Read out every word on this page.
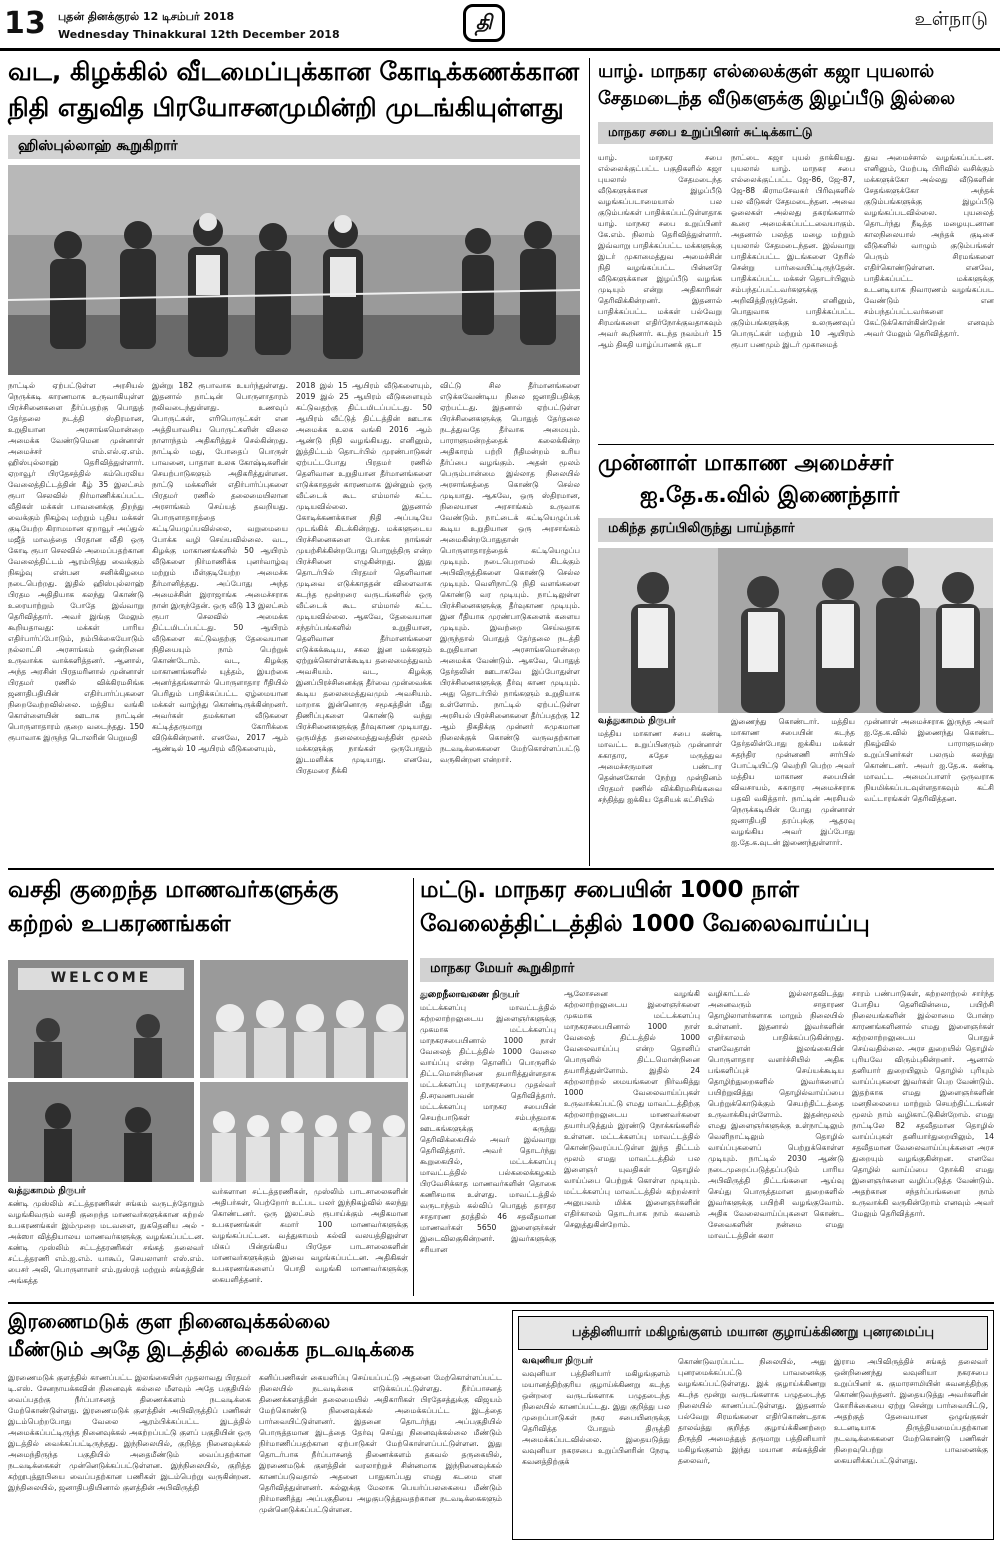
13 புதன் தினக்குரல் 12 டிசம்பர் 2018
Wednesday Thinakkural 12th December 2018
தி	உள்நாடு
வட, கிழக்கில் வீடமைப்புக்கான கோடிக்கணக்கான
நிதி எதுவித பிரயோசனமுமின்றி முடங்கியுள்ளது
ஹிஸ்புல்லாஹ் கூறுகிறார்
நாட்டில் ஏற்பட்டுள்ள அரசியல் நெருக்கடி காரணமாக உருவாகியுள்ள பிரச்சினைகளை தீர்ப்பதற்கு பொதுத் தேர்தலை நடத்தி ஸ்திரமான, உறுதியான அரசாங்கமொன்றை அமைக்க வேண்டுமென முன்னாள் அமைச்சர் எம்.எல்.ஏ.எம். ஹிஸ்புல்லாஹ் தெரிவித்துள்ளார். ஏறாவூர் பிரதேசத்தில் கம்பெரலிய வேலைத்திட்டத்தின் கீழ் 35 இலட்சம் ரூபா செலவில் நிர்மாணிக்கப்பட்ட வீதிகள் மக்கள் பாவனைக்கு திறந்து வைக்கும் நிகழ்வு மற்றும் புதிய மக்கள் குடியேற்ற கிராமமான ஏறாவூர் அப்துல் மஜீத் மாவத்தை பிரதான வீதி ஒரு கோடி ரூபா செலவில் அமைப்பதற்கான வேலைத்திட்டம் ஆரம்பித்து வைக்கும் நிகழ்வு என்பன சனிக்கிழமை நடைபெற்றது. இதில் ஹிஸ்புல்லாஹ் பிரதம அதிதியாக கலந்து கொண்டு உரையாற்றும் போதே இவ்வாறு தெரிவித்தார். அவர் இங்கு மேலும் கூறியதாவது: மக்கள் பாரிய எதிர்பார்ப்போடும், நம்பிக்கையோடும் நல்லாட்சி அரசாங்கம் ஒன்றினை உருவாக்க வாக்களித்தனர். ஆனால், அந்த அரசின் பிரதமரினால் முன்னாள் பிரதமர் ரணில் விக்கிரமசிங்க ஜனாதிபதியின் எதிர்பார்ப்புகளை நிறைவேற்றவில்லை. மத்திய வங்கி கொள்ளையின் ஊடாக நாட்டின் பொருளாதாரம் குறை வடைந்தது. 150 ரூபாவாக இருந்த டொலரின் பெறுமதி
இன்று 182 ரூபாவாக உயர்ந்துள்ளது. இதனால் நாட்டின் பொருளாதாரம் நலிவடைந்துள்ளது. உணவுப் பொருட்கள், எரிபொருட்கள் என அத்தியாவசிய பொருட்களின் விலை நாளாந்தம் அதிகரித்துச் செல்கின்றது. நாட்டில் மது, போதைப் பொருள் பாவனை, பாதாள உலக கோஷ்டிகளின் செயற்பாடுகளும் அதிகரித்துள்ளன. நாட்டு மக்களின் எதிர்பார்ப்புகளை பிரதமர் ரணில் தலைமையிலான அரசாங்கம் செய்யத் தவறியது. பொருளாதாரத்தை கட்டியெழுப்பவில்லை, வறுமையை போக்க வழி செய்யவில்லை. வட, கிழக்கு மாகாணங்களில் 50 ஆயிரம் வீடுகளை நிர்மாணிக்க புனர்வாழ்வு மற்றும் மீள்குடியேற்ற அமைச்சு தீர்மானித்தது. அப்போது அந்த அமைச்சின் இராஜாங்க அமைச்சராக நான் இருந்தேன். ஒரு வீடு 13 இலட்சம் ரூபா செலவில் அமைக்க திட்டமிடப்பட்டது. 50 ஆயிரம் வீடுகளை கட்டுவதற்கு தேவையான நிதியையும் நாம் பெற்றுக் கொண்டோம். வட, கிழக்கு மாகாணங்களில் யுத்தம், இயற்கை அனர்த்தங்களால் பொருளாதார ரீதியில் பெரிதும் பாதிக்கப்பட்ட ஏழ்மையான மக்கள் வாழ்ந்து கொண்டிருக்கின்றனர். அவர்கள் தமக்கான வீடுகளை கட்டித்தருமாறு கோரிக்கை விடுக்கின்றனர். எனவே, 2017 ஆம் ஆண்டில் 10 ஆயிரம் வீடுகளையும்,
2018 இல் 15 ஆயிரம் வீடுகளையும், 2019 இல் 25 ஆயிரம் வீடுகளையும் கட்டுவதற்கு திட்டமிடப்பட்டது. 50 ஆயிரம் வீட்டுத் திட்டத்தின் ஊடாக அமைக்க உலக வங்கி 2016 ஆம் ஆண்டு நிதி வழங்கியது. எனினும், இத்திட்டம் தொடர்பில் முரண்பாடுகள் ஏற்பட்டபோது பிரதமர் ரணில் தெளிவான உறுதியான தீர்மானங்களை எடுக்காததன் காரணமாக இன்னும் ஒரு வீட்டைக் கூட எம்மால் கட்ட முடியவில்லை. இதனால் கோடிக்கணக்கான நிதி அப்படியே முடங்கிக் கிடக்கின்றது. மக்களுடைய பிரச்சினைகளை போக்க நாங்கள் முயற்சிக்கின்றபோது பொறுத்திரு என்ற பிரச்சினை எழுகின்றது. இது தொடர்பில் பிரதமர் தெளிவான முடிவை எடுக்காததன் விளைவாக கடந்த மூன்றரை வருடங்களில் ஒரு வீட்டைக் கூட எம்மால் கட்ட முடியவில்லை. ஆகவே, தேவையான சந்தர்ப்பங்களில் உறுதியான, தெளிவான தீர்மானங்களை எடுக்கக்கூடிய, சகல இன மக்களும் ஏற்றுக்கொள்ளக்கூடிய தலைமைத்துவம் அவசியம். வட, கிழக்கு இனப்பிரச்சினைக்கு தீர்வை முன்வைக்க கூடிய தலைமைத்துவமும் அவசியம். மாறாக இன்னொரு சமூகத்தின் மீது திணிப்புகளை கொண்டு வந்து பிரச்சினைகளுக்கு தீர்வுகாண முடியாது. ஒருமித்த தலைமைத்துவத்தின் மூலம் மக்களுக்கு நாங்கள் ஒருபோதும் இடமளிக்க முடியாது. எனவே, பிரதமரை நீக்கி
விட்டு சில தீர்மானங்களை எடுக்கவேண்டிய நிலை ஜனாதிபதிக்கு ஏற்பட்டது. இதனால் ஏற்பட்டுள்ள பிரச்சினைகளுக்கு பொதுத் தேர்தலை நடத்துவதே தீர்வாக அமையும். பாராளுமன்றத்தைக் கலைக்கின்ற அதிகாரம் பற்றி நீதிமன்றம் உரிய தீர்ப்பை வழங்கும். அதன் மூலம் பெரும்பான்மை இல்லாத நிலையில் அரசாங்கத்தை கொண்டு செல்ல முடியாது. ஆகவே, ஒரு ஸ்திரமான, நிலையான அரசாங்கம் உருவாக வேண்டும். நாட்டைக் கட்டியெழுப்பக் கூடிய உறுதியான ஒரு அரசாங்கம் அமைகின்றபோதுதான் பொருளாதாரத்தைக் கட்டியெழுப்ப முடியும். நடைபெறாமல் கிடக்கும் அபிவிருத்திகளை கொண்டு செல்ல முடியும். வெளிநாட்டு நிதி வளங்களை கொண்டு வர முடியும். நாட்டிலுள்ள பிரச்சினைகளுக்கு தீர்வுகாண முடியும். இன ரீதியாக முரண்பாடுகளைக் களைய முடியும். இவற்றை செய்வதாக இருந்தால் பொதுத் தேர்தலை நடத்தி உறுதியான அரசாங்கமொன்றை அமைக்க வேண்டும். ஆகவே, பொதுத் தேர்தலின் ஊடாகவே இப்போதுள்ள பிரச்சினைகளுக்கு தீர்வு காண முடியும். அது தொடர்பில் நாங்களும் உறுதியாக உள்ளோம். நாட்டில் ஏற்பட்டுள்ள அரசியல் பிரச்சினைகளை தீர்ப்பதற்கு 12 ஆம் திகதிக்கு முன்னர் சுமுகமான நிலைக்குக் கொண்டு வருவதற்கான நடவடிக்கைகளை மேற்கொள்ளப்பட்டு வருகின்றன என்றார்.
யாழ். மாநகர எல்லைக்குள் கஜா புயலால்
சேதமடைந்த வீடுகளுக்கு இழப்பீடு இல்லை
மாநகர சபை உறுப்பினர் சுட்டிக்காட்டு
யாழ். மாநகர சபை எல்லைக்குட்பட்ட பகுதிகளில் கஜா புயலால் சேதமடைந்த வீடுகளுக்கான இழப்பீடு வழங்கப்படாமையால் பல குடும்பங்கள் பாதிக்கப்பட்டுள்ளதாக யாழ். மாநகர சபை உறுப்பினர் கே.எம். நிலாம் தெரிவித்துள்ளார். இவ்வாறு பாதிக்கப்பட்ட மக்களுக்கு இடர் முகாமைத்துவ அமைச்சின் நிதி வழங்கப்பட்ட பின்னரே வீடுகளுக்கான இழப்பீடு வழங்க முடியும் என்று அதிகாரிகள் தெரிவிக்கின்றனர். இதனால் பாதிக்கப்பட்ட மக்கள் பல்வேறு சிரமங்களை எதிர்நோக்குவதாகவும் அவர் கூறினார். கடந்த நவம்பர் 15 ஆம் திகதி யாழ்ப்பாணக் குடா
நாட்டை கஜா புயல் தாக்கியது. புயலால் யாழ். மாநகர சபை எல்லைக்குட்பட்ட ஜே-86, ஜே-87, ஜே-88 கிராமசேவகர் பிரிவுகளில் பல வீடுகள் சேதமடைந்தன. அவை ஓலைகள் அல்லது தகரங்களால் கூரை அமைக்கப்பட்டவையாகும். அதனால் பலத்த மழை மற்றும் புயலால் சேதமடைந்தன. இவ்வாறு பாதிக்கப்பட்ட இடங்களை நேரில் சென்று பார்வையிட்டிருந்தேன். பாதிக்கப்பட்ட மக்கள் தொடர்பிலும் சம்பந்தப்பட்டவர்களுக்கு அறிவித்திருந்தேன். எனினும், பொதுவாக பாதிக்கப்பட்ட குடும்பங்களுக்கு உலருணவுப் பொருட்கள் மற்றும் 10 ஆயிரம் ரூபா பணமும் இடர் முகாமைத்
துவ அமைச்சால் வழங்கப்பட்டன. எனினும், மேற்படி பிரிவில் வசிக்கும் மக்களுக்கோ அல்லது வீடுகளின் சேதங்களுக்கோ அந்தக் குடும்பங்களுக்கு இழப்பீடு வழங்கப்படவில்லை. புயலைத் தொடர்ந்து நீடித்த மழையுடனான காலநிலையால் அந்தக் குடிசை வீடுகளில் வாழும் குடும்பங்கள் பெரும் சிரமங்களை எதிர்கொண்டுள்ளன. எனவே, பாதிக்கப்பட்ட மக்களுக்கு உடனடியாக நிவாரணம் வழங்கப்பட வேண்டும் என சம்பந்தப்பட்டவர்களை கேட்டுக்கொள்கின்றேன் எனவும் அவர் மேலும் தெரிவித்தார்.
முன்னாள் மாகாண அமைச்சர்
ஐ.தே.க.வில் இணைந்தார்
மகிந்த தரப்பிலிருந்து பாய்ந்தார்
வத்துகாமம் நிருபர்
மத்திய மாகாண சபை கண்டி மாவட்ட உறுப்பினரும் முன்னாள் சுகாதார, சுதேச மருத்துவ அமைச்சருமான பண்டார தென்னகோன் நேற்று முன்தினம் பிரதமர் ரணில் விக்கிரமசிங்கவை சந்தித்து ஐக்கிய தேசியக் கட்சியில்
இணைந்து கொண்டார். மத்திய மாகாண சபையின் கடந்த தேர்தலின்போது ஐக்கிய மக்கள் சுதந்திர முன்னணி சார்பில் போட்டியிட்டு வெற்றி பெற்ற அவர் மத்திய மாகாண சபையின் விவசாயம், சுகாதார அமைச்சராக பதவி வகித்தார். நாட்டின் அரசியல் நெருக்கடியின் போது முன்னாள் ஜனாதிபதி தரப்புக்கு ஆதரவு வழங்கிய அவர் இப்போது ஐ.தே.க.வுடன் இணைந்துள்ளார்.
முன்னாள் அமைச்சராக இருந்த அவர் ஐ.தே.க.வில் இணைந்து கொண்ட நிகழ்வில் பாராளுமன்ற உறுப்பினர்கள் பலரும் கலந்து கொண்டனர். அவர் ஐ.தே.க. கண்டி மாவட்ட அமைப்பாளர் ஒருவராக நியமிக்கப்படவுள்ளதாகவும் கட்சி வட்டாரங்கள் தெரிவித்தன.
வசதி குறைந்த மாணவர்களுக்கு
கற்றல் உபகரணங்கள்
WELCOME
வத்துகாமம் நிருபர்
கண்டி முஸ்லிம் சட்டத்தரணிகள் சங்கம் வருடந்தோறும் வழங்கிவரும் வசதி குறைந்த மாணவர்களுக்கான கற்றல் உபகரணங்கள் இம்முறை மடவளை, நுகதெனிய அல் - அக்ஸா வித்தியாலய மாணவர்களுக்கு வழங்கப்பட்டன. கண்டி முஸ்லிம் சட்டத்தரணிகள் சங்கத் தலைவர் சட்டத்தரணி எம்.ஐ.எம். யாகூப், செயலாளர் எஸ்.எம். பைசர் அலி, பொருளாளர் எம்.நுஸ்ரத் மற்றும் சங்கத்தின் அங்கத்த
வர்களான சட்டத்தரணிகள், முஸ்லிம் பாடசாலைகளின் அதிபர்கள், பெற்றோர் உட்பட பலர் இந்நிகழ்வில் கலந்து கொண்டனர். ஒரு இலட்சம் ரூபாய்க்கும் அதிகமான உபகரணங்கள் சுமார் 100 மாணவர்களுக்கு வழங்கப்பட்டன. வத்துகாமம் கல்வி வலயத்திலுள்ள மிகப் பின்தங்கிய பிரதேச பாடசாலைகளின் மாணவர்களுக்கும் இவை வழங்கப்பட்டன. அதிகிகள் உபகரணங்களைப் பொதி வழங்கி மாணவர்களுக்கு கையளித்தனர்.
மட்டு. மாநகர சபையின் 1000 நாள்
வேலைத்திட்டத்தில் 1000 வேலைவாய்ப்பு
மாநகர மேயர் கூறுகிறார்
துறைநீலாவணை நிருபர்
மட்டக்களப்பு மாவட்டத்தில் கற்றலாற்றலுடைய இளைஞர்களுக்கு முகமாக மட்டக்களப்பு மாநகரசபையினால் 1000 நாள் வேலைத் திட்டத்தில் 1000 வேலை வாய்ப்பு என்ற தொனிப் பொருளில் திட்டமொன்றினை தயாரித்துள்ளதாக மட்டக்களப்பு மாநகரசபை முதல்வர் தி.சரவணபவன் தெரிவித்தார். மட்டக்களப்பு மாநகர சபையின் செயற்பாடுகள் சம்பந்தமாக ஊடகங்களுக்கு கருத்து தெரிவிக்கையில் அவர் இவ்வாறு தெரிவித்தார். அவர் தொடர்ந்து கூறுகையில், மட்டக்களப்பு மாவட்டத்தில் பல்கலைக்கழகம் பிரவேசிக்காத மாணவர்களின் தொகை கணிசமாக உள்ளது. மாவட்டத்தில் வருடாந்தம் கல்விப் பொதுத் தராதர சாதாரண தரத்தில் 46 சதவீதமான மாணவர்கள் 5650 இளைஞர்கள் இடைவிலகுகின்றனர். இவர்களுக்கு சரியான
ஆலோசனை வழங்கி கற்றலாற்றலுடைய இளைஞர்களை முகமாக மட்டக்களப்பு மாநகரசபையினால் 1000 நாள் வேலைத் திட்டத்தில் 1000 வேலைவாய்ப்பு என்ற தொனிப் பொருளில் திட்டமொன்றினை தயாரித்துள்ளோம். இதில் 24 கற்றலாற்றல் மையங்களை நிர்வகித்து 1000 வேலைவாய்ப்புகள் உருவாக்கப்பட்டு எமது மாவட்டத்திற்கு கற்றலாற்றலுடைய மாணவர்களை தயார்படுத்தும் இரண்டு நோக்கங்களில் உள்ளன. மட்டக்களப்பு மாவட்டத்தில் கொண்டுவரப்பட்டுள்ள இந்த திட்டம் மூலம் எமது மாவட்டத்தில் பல இளைஞர் யுவதிகள் தொழில் வாய்ப்பை பெற்றுக் கொள்ள முடியும். மட்டக்களப்பு மாவட்டத்தில் கற்றல்சார் அனுபவம் மிக்க இளைஞர்களின் எதிர்காலம் தொடர்பாக நாம் கவனம் செலுத்துகின்றோம்.
வழிகாட்டல் இல்லாதவிடத்து அனைவரும் சாதாரண தொழிலாளர்களாக மாறும் நிலையில் உள்ளனர். இதனால் இவர்களின் எதிர்காலம் பாதிக்கப்படுகின்றது. எனவேதான் இலங்கையின் பொருளாதார வளர்ச்சியில் அதிக பங்களிப்புச் செய்யக்கூடிய தொழிற்துறைகளில் இவர்களைப் பயிற்றுவித்து தொழில்வாய்ப்பை பெற்றுக்கொடுக்கும் செயற்திட்டத்தை உருவாக்கியுள்ளோம். இதன்மூலம் எமது இளைஞர்களுக்கு உள்நாட்டிலும் வெளிநாட்டிலும் தொழில் வாய்ப்புகளைப் பெற்றுக்கொள்ள முடியும். நாட்டில் 2030 ஆண்டு நடைமுறைப்படுத்தப்படும் பாரிய அபிவிருத்தி திட்டங்களை ஆய்வு செய்து பொருத்தமான துறைகளில் இவர்களுக்கு பயிற்சி வழங்குவோம். அதிக வேலைவாய்ப்புகளை கொண்ட சேவைகளின் நன்மை எமது மாவட்டத்தின் கலா
சாரம் பண்பாடுகள், கற்றலாற்றல் சார்ந்த போதிய தெளிவின்மை, பயிற்சி நிலையங்களின் இல்லாமை போன்ற காரணங்களினால் எமது இளைஞர்கள் கற்றலாற்றலுடைய பொதுச் செய்வதில்லை. அரச துறையில் தொழில் புரியவே விரும்புகின்றனர். ஆனால் தனியார் துறையிலும் தொழில் புரியும் வாய்ப்புகளை இவர்கள் பெற வேண்டும். இதற்காக எமது இளைஞர்களின் மனநிலையை மாற்றும் செயற்திட்டங்கள் மூலம் நாம் வழிகாட்டுகின்றோம். எமது நாட்டிலே 82 சதவீதமான தொழில் வாய்ப்புகள் தனியார்துறையிலும், 14 சதவீதமான வேலைவாய்ப்புக்களை அரச துறையும் வழங்குகின்றன. எனவே தொழில் வாய்ப்பை நோக்கி எமது இளைஞர்களை வழிப்படுத்த வேண்டும். அதற்கான சந்தர்ப்பங்களை நாம் உருவாக்கி வருகின்றோம் எனவும் அவர் மேலும் தெரிவித்தார்.
இரணைமடுக் குள நினைவுக்கல்லை
மீண்டும் அதே இடத்தில் வைக்க நடவடிக்கை
இரணைமடுக் குளத்தில் காணப்பட்ட இலங்கையின் முதலாவது பிரதமர் டி.எஸ். சேனநாயக்கவின் நினைவுக் கல்லை மீளவும் அதே பகுதியில் வைப்பதற்கு நீர்ப்பாசனத் திணைக்களம் நடவடிக்கை மேற்கொண்டுள்ளது. இரணைமடுக் குளத்தின் அபிவிருத்திப் பணிகள் இடம்பெற்றபோது வேலை ஆரம்பிக்கப்பட்ட இடத்தில் அமைக்கப்பட்டிருந்த நினைவுக்கல் அகற்றப்பட்டு குளப் பகுதியின் ஒரு இடத்தில் வைக்கப்பட்டிருந்தது. இந்நிலையில், குறித்த நினைவுக்கல் அமைந்திருந்த பகுதியில் அதைமீண்டும் வைப்பதற்கான நடவடிக்கைகள் முன்னெடுக்கப்பட்டுள்ளன. இந்நிலையில், குறித்த கற்றூபுத்தூபியை வைப்பதற்கான பணிகள் இடம்பெற்று வருகின்றன. இந்திலையில், ஜனாதிபதியினால் குளத்தின் அபிவிருத்தி
கனிப்பணிகள் கையளிப்பு செய்யப்பட்டு அதனை மேற்கொள்ளப்பட்ட நிலையில் நடவடிக்கை எடுக்கப்பட்டுள்ளது. நீர்ப்பாசனத் திணைக்களத்தின் தலைமையில் அதிகாரிகள் பிரதேசத்துக்கு விஜயம் மேற்கொண்டு நினைவுக்கல் அமைக்கப்பட்ட இடத்தை பார்வையிட்டுள்ளனர். இதனை தொடர்ந்து அப்பகுதியில் பொருத்தமான இடத்தை தேர்வு செய்து நினைவுக்கல்லை மீண்டும் நிர்மாணிப்பதற்கான ஏற்பாடுகள் மேற்கொள்ளப்பட்டுள்ளன. இது தொடர்பாக நீர்ப்பாசனத் திணைக்களம் தகவல் தருகையில், இரணைமடுக் குளத்தின் வரலாற்றுச் சின்னமாக இந்நினைவுக்கல் காணப்படுவதால் அதனை பாதுகாப்பது எமது கடமை என தெரிவித்துள்ளனர். கல்லுக்கு மேலாக பெயர்ப்பலகையை மீண்டும் நிர்மாணித்து அப்பகுதியை அழகுபடுத்துவதற்கான நடவடிக்கைகளும் முன்னெடுக்கப்பட்டுள்ளன.
பத்தினியார் மகிழங்குளம் மயான குழாய்க்கிணறு புனரமைப்பு
வவுனியா நிருபர்
வவுனியா பத்தினியார் மகிழங்குளம் மயானத்திற்குரிய குழாய்க்கிணறு கடந்த ஒன்றரை வருடங்களாக பழுதடைந்த நிலையில் காணப்பட்டது. இது குறித்து பல முறைப்பாடுகள் நகர சபையினருக்கு தெரிவித்த போதும் திருத்தி அமைக்கப்படவில்லை. இதையடுத்து வவுனியா நகரசபை உறுப்பினரின் நேரடி கவனத்திற்குக்
கொண்டுவரப்பட்ட நிலையில், அது புனரமைக்கப்பட்டு பாவனைக்கு வழங்கப்பட்டுள்ளது. இக் குழாய்க்கிணறு கடந்த மூன்று வருடங்களாக பழுதடைந்த நிலையில் காணப்பட்டுள்ளது. இதனால் பல்வேறு சிரமங்களை எதிர்கொண்டதாக தாலவ்த்து குறித்த குழாய்க்கிணற்றை திருத்தி அமைத்துத் தருமாறு பத்தினியார் மகிழங்குளம் இந்து மயான சங்கத்தின் தலைவர்,
இராம அபிவிருத்திச் சங்கத் தலைவர் ஒன்றிணைந்து வவுனியா நகரசபை உறுப்பினர் க. குமாரசாமியின் கவனத்திற்கு கொண்டுவந்தனர். இதையடுத்து அவர்களின் கோரிக்கையை ஏற்று சென்று பார்வையிட்டு, அதற்குத் தேவையான ஒழுங்குகள் உடனடியாக திருத்தியமைப்பதற்கான நடவடிக்கைகளை மேற்கொண்டு பணிகள் நிறைவுபெற்று பாவனைக்கு கையளிக்கப்பட்டுள்ளது.
